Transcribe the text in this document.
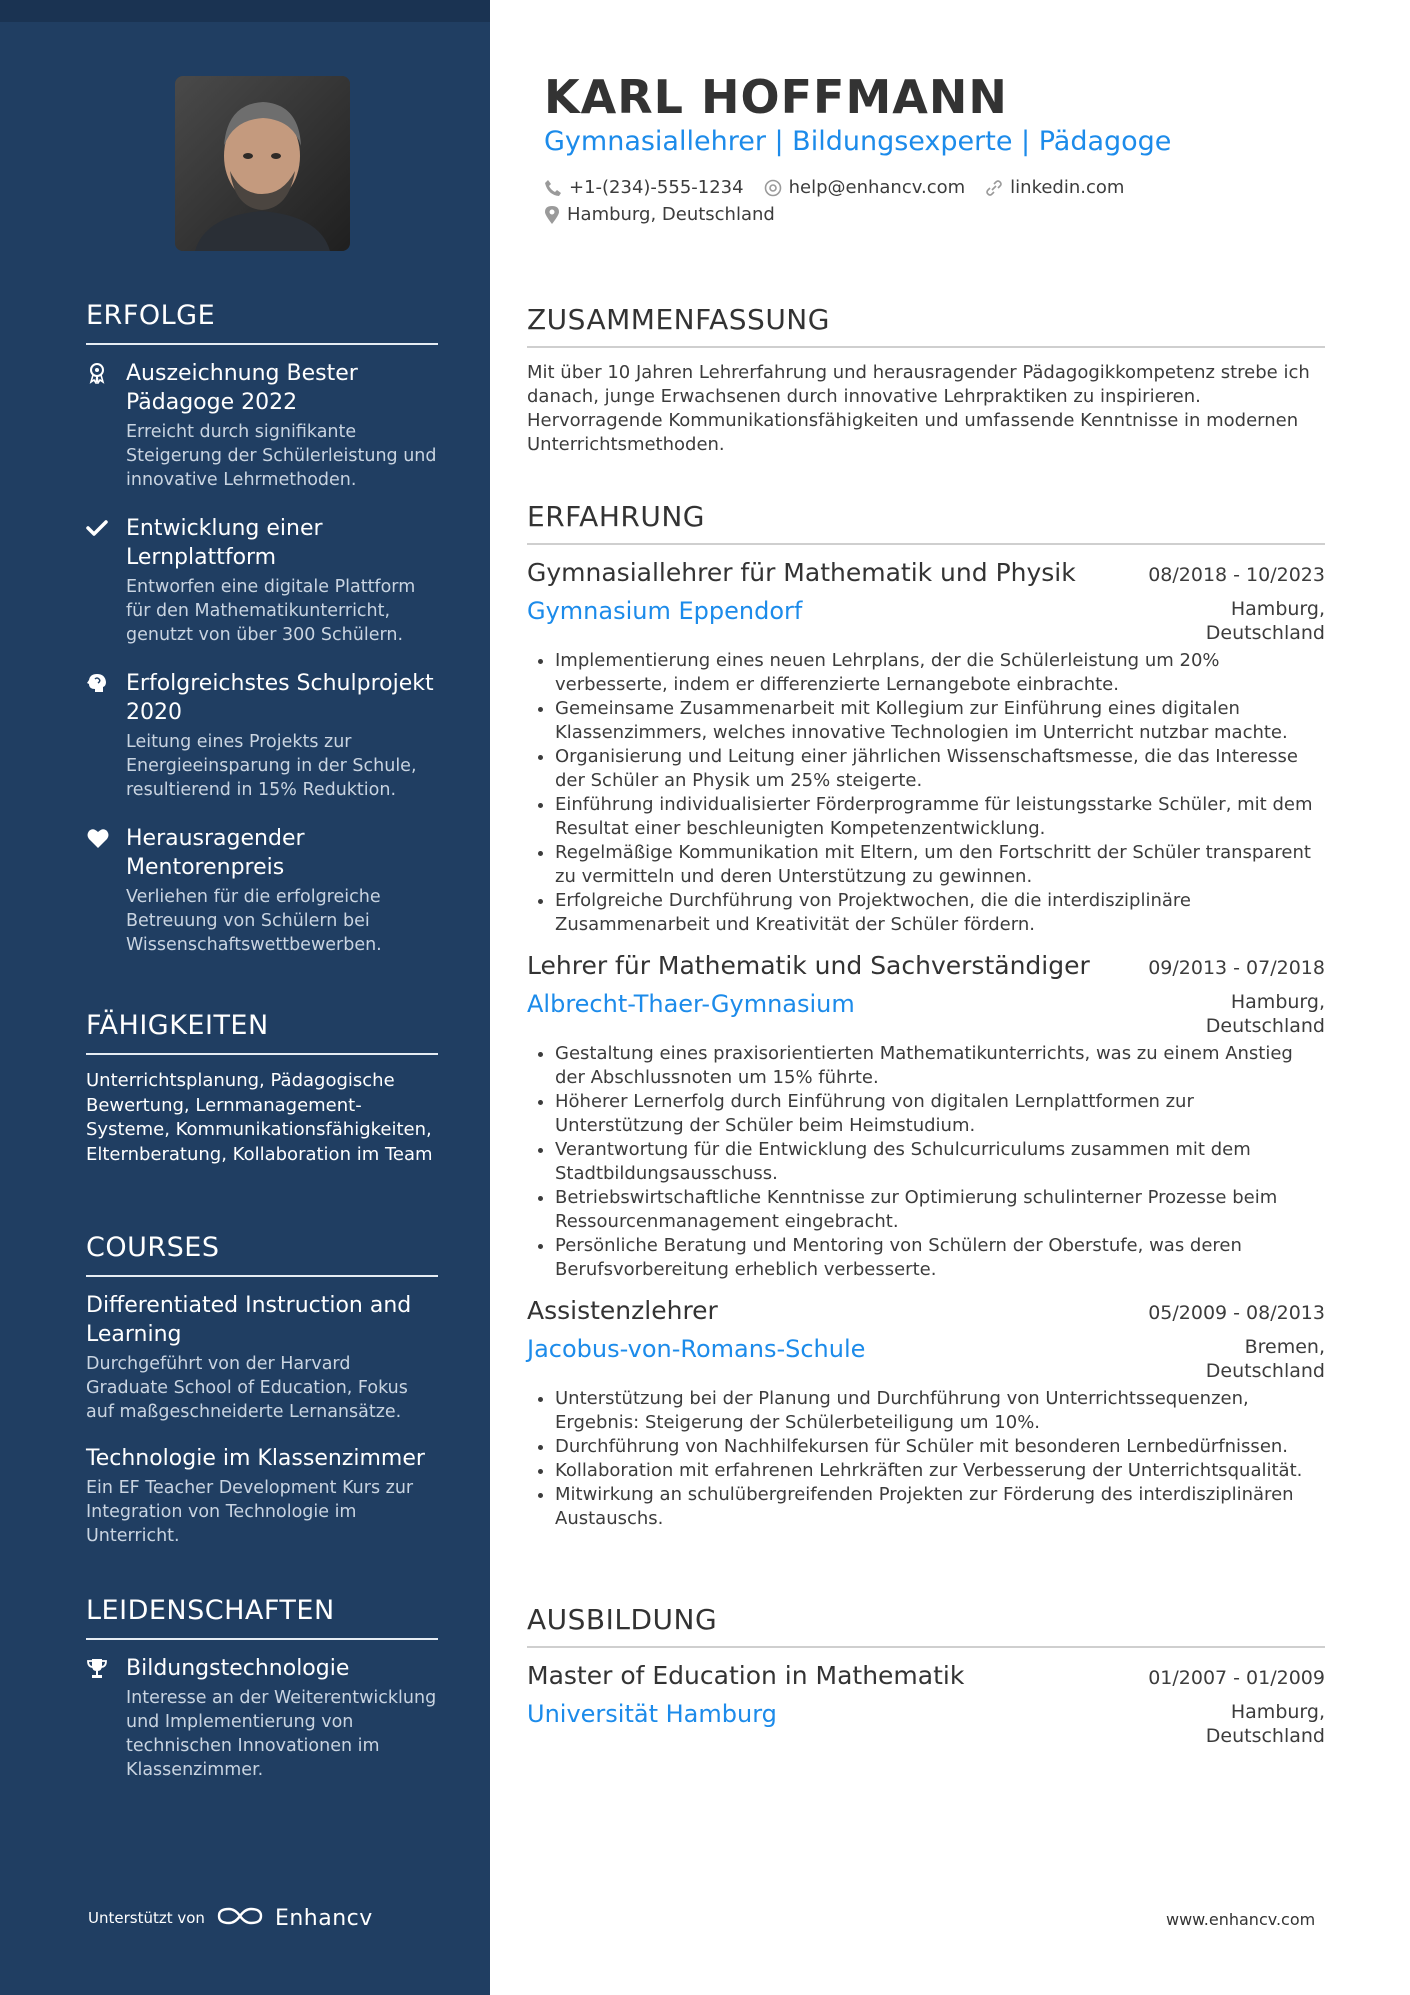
ERFOLGE
Auszeichnung Bester Pädagoge 2022
Erreicht durch signifikante Steigerung der Schülerleistung und innovative Lehrmethoden.
Entwicklung einer Lernplattform
Entworfen eine digitale Plattform für den Mathematikunterricht, genutzt von über 300 Schülern.
Erfolgreichstes Schulprojekt 2020
Leitung eines Projekts zur Energieeinsparung in der Schule, resultierend in 15% Reduktion.
Herausragender Mentorenpreis
Verliehen für die erfolgreiche Betreuung von Schülern bei Wissenschaftswettbewerben.
FÄHIGKEITEN
Unterrichtsplanung, Pädagogische Bewertung, Lernmanagement-Systeme, Kommunikationsfähigkeiten, Elternberatung, Kollaboration im Team
COURSES
Differentiated Instruction and Learning
Durchgeführt von der Harvard Graduate School of Education, Fokus auf maßgeschneiderte Lernansätze.
Technologie im Klassenzimmer
Ein EF Teacher Development Kurs zur Integration von Technologie im Unterricht.
LEIDENSCHAFTEN
Bildungstechnologie
Interesse an der Weiterentwicklung und Implementierung von technischen Innovationen im Klassenzimmer.
Unterstützt von	Enhancv
KARL HOFFMANN
Gymnasiallehrer | Bildungsexperte | Pädagoge
+1-(234)-555-1234	help@enhancv.com	linkedin.com
Hamburg, Deutschland
ZUSAMMENFASSUNG
Mit über 10 Jahren Lehrerfahrung und herausragender Pädagogikkompetenz strebe ich danach, junge Erwachsenen durch innovative Lehrpraktiken zu inspirieren. Hervorragende Kommunikationsfähigkeiten und umfassende Kenntnisse in modernen Unterrichtsmethoden.
ERFAHRUNG
Gymnasiallehrer für Mathematik und Physik	08/2018 - 10/2023
Gymnasium Eppendorf	Hamburg, Deutschland
• Implementierung eines neuen Lehrplans, der die Schülerleistung um 20% verbesserte, indem er differenzierte Lernangebote einbrachte.
• Gemeinsame Zusammenarbeit mit Kollegium zur Einführung eines digitalen Klassenzimmers, welches innovative Technologien im Unterricht nutzbar machte.
• Organisierung und Leitung einer jährlichen Wissenschaftsmesse, die das Interesse der Schüler an Physik um 25% steigerte.
• Einführung individualisierter Förderprogramme für leistungsstarke Schüler, mit dem Resultat einer beschleunigten Kompetenzentwicklung.
• Regelmäßige Kommunikation mit Eltern, um den Fortschritt der Schüler transparent zu vermitteln und deren Unterstützung zu gewinnen.
• Erfolgreiche Durchführung von Projektwochen, die die interdisziplinäre Zusammenarbeit und Kreativität der Schüler fördern.
Lehrer für Mathematik und Sachverständiger	09/2013 - 07/2018
Albrecht-Thaer-Gymnasium	Hamburg, Deutschland
• Gestaltung eines praxisorientierten Mathematikunterrichts, was zu einem Anstieg der Abschlussnoten um 15% führte.
• Höherer Lernerfolg durch Einführung von digitalen Lernplattformen zur Unterstützung der Schüler beim Heimstudium.
• Verantwortung für die Entwicklung des Schulcurriculums zusammen mit dem Stadtbildungsausschuss.
• Betriebswirtschaftliche Kenntnisse zur Optimierung schulinterner Prozesse beim Ressourcenmanagement eingebracht.
• Persönliche Beratung und Mentoring von Schülern der Oberstufe, was deren Berufsvorbereitung erheblich verbesserte.
Assistenzlehrer	05/2009 - 08/2013
Jacobus-von-Romans-Schule	Bremen, Deutschland
• Unterstützung bei der Planung und Durchführung von Unterrichtssequenzen, Ergebnis: Steigerung der Schülerbeteiligung um 10%.
• Durchführung von Nachhilfekursen für Schüler mit besonderen Lernbedürfnissen.
• Kollaboration mit erfahrenen Lehrkräften zur Verbesserung der Unterrichtsqualität.
• Mitwirkung an schulübergreifenden Projekten zur Förderung des interdisziplinären Austauschs.
AUSBILDUNG
Master of Education in Mathematik	01/2007 - 01/2009
Universität Hamburg	Hamburg, Deutschland
www.enhancv.com
